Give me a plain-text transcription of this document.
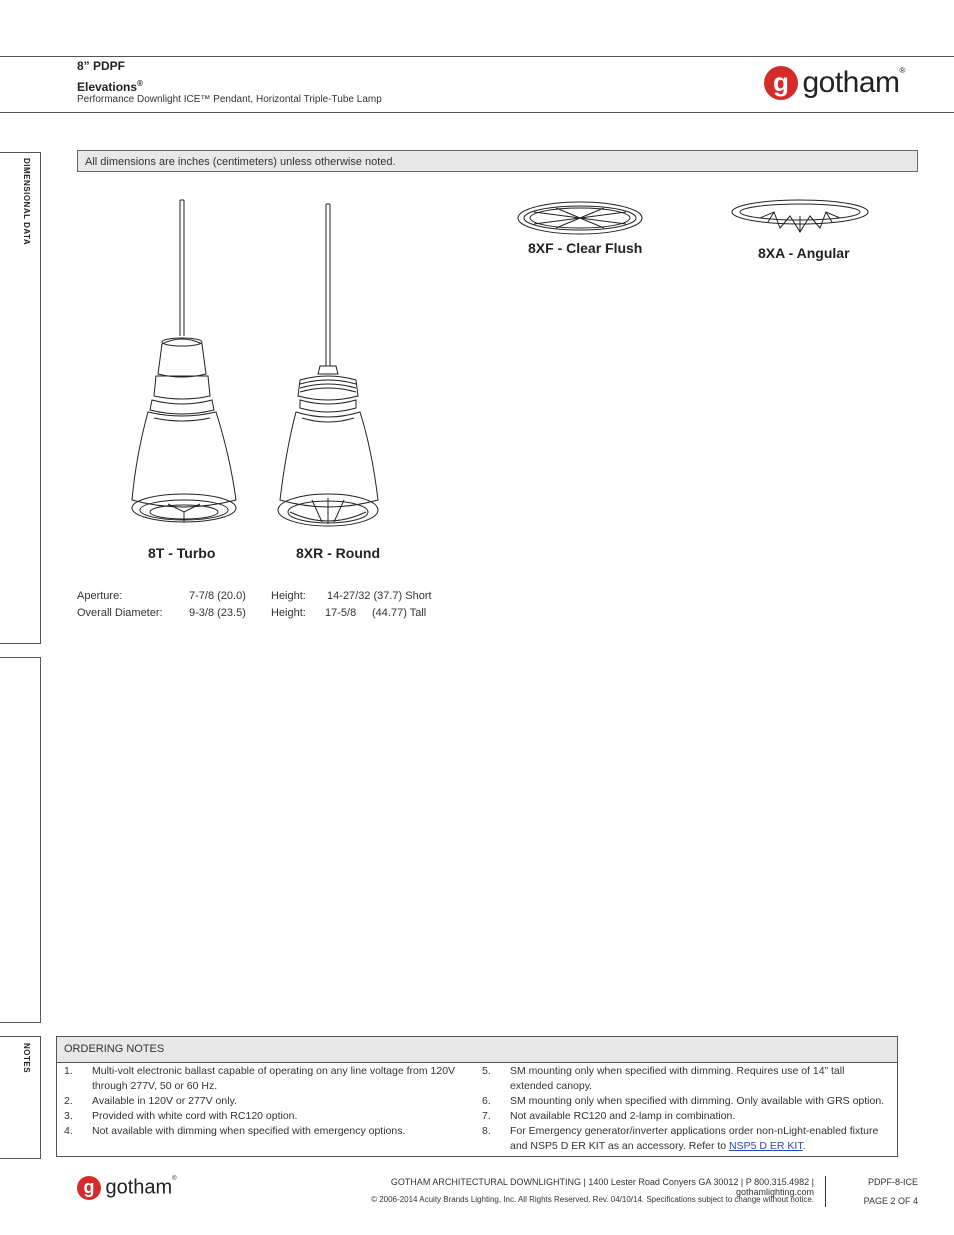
8” PDPF
Elevations®
Performance Downlight ICE™ Pendant, Horizontal Triple-Tube Lamp
g gotham®
DIMENSIONAL DATA
NOTES
All dimensions are inches (centimeters) unless otherwise noted.
8T - Turbo	8XR - Round
8XF - Clear Flush	8XA - Angular
Aperture:	7-7/8 (20.0) Height: 14-27/32 (37.7) Short
Overall Diameter: 9-3/8 (23.5) Height: 17-5/8 (44.77) Tall
ORDERING NOTES
1. Multi-volt electronic ballast capable of operating on any line voltage from 120V through 277V, 50 or 60 Hz.
2. Available in 120V or 277V only.
3. Provided with white cord with RC120 option.
4. Not available with dimming when specified with emergency options.
5. SM mounting only when specified with dimming. Requires use of 14” tall extended canopy.
6. SM mounting only when specified with dimming. Only available with GRS option.
7. Not available RC120 and 2-lamp in combination.
8. For Emergency generator/inverter applications order non-nLight-enabled fixture and NSP5 D ER KIT as an accessory. Refer to NSP5 D ER KIT.
g gotham®	GOTHAM ARCHITECTURAL DOWNLIGHTING | 1400 Lester Road Conyers GA 30012 | P 800.315.4982 | gothamlighting.com
© 2006-2014 Acuity Brands Lighting, Inc. All Rights Reserved. Rev. 04/10/14. Specifications subject to change without notice.
PDPF-8-ICE
PAGE 2 OF 4
